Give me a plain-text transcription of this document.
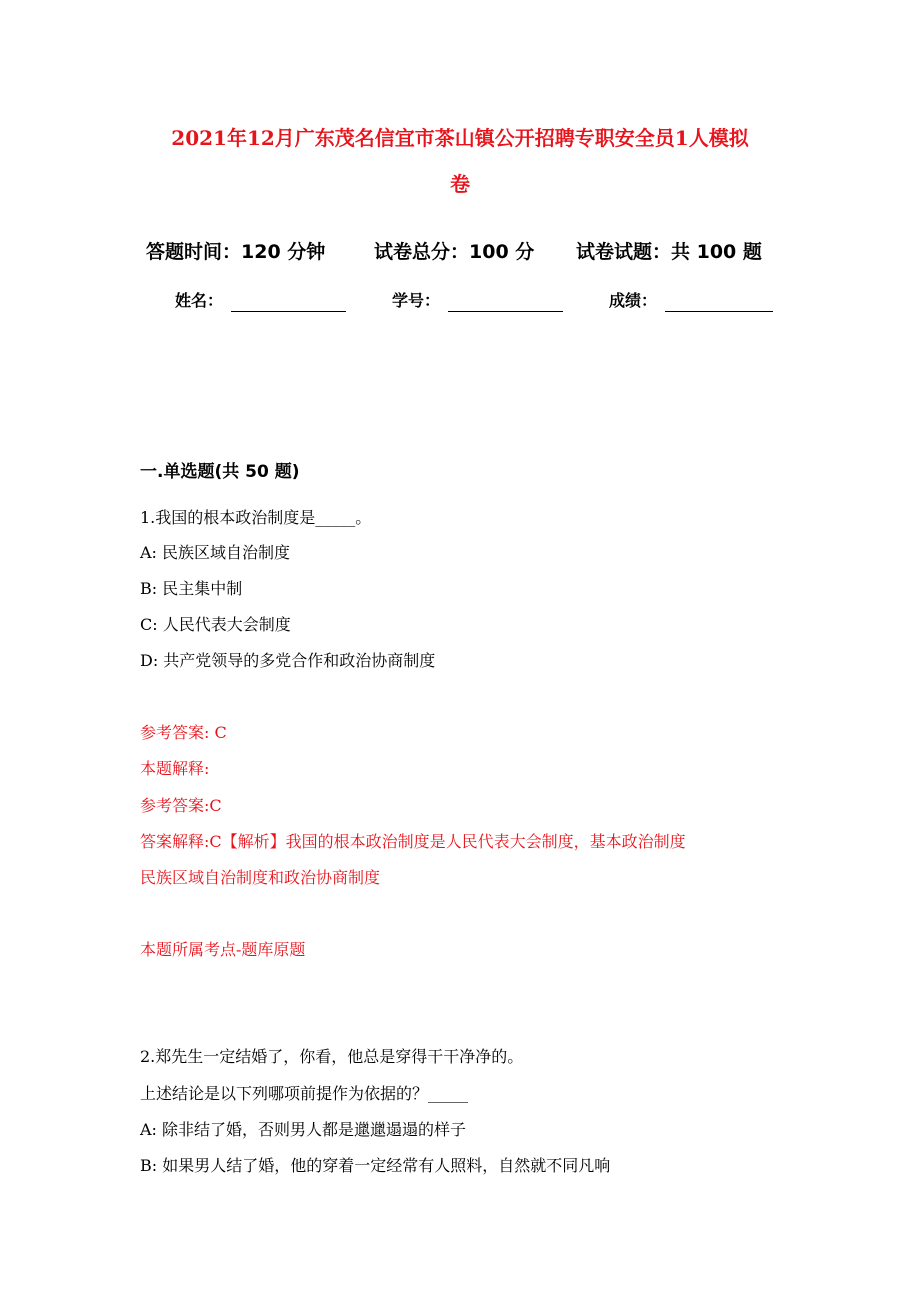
2021年12月广东茂名信宜市茶山镇公开招聘专职安全员1人模拟
卷
答题时间：120 分钟	试卷总分：100 分 试卷试题：共 100 题
姓名：	学号：	成绩：
一.单选题(共 50 题)
1.我国的根本政治制度是_____。
A: 民族区域自治制度
B: 民主集中制
C: 人民代表大会制度
D: 共产党领导的多党合作和政治协商制度
参考答案: C
本题解释:
参考答案:C
答案解释:C【解析】我国的根本政治制度是人民代表大会制度，基本政治制度
民族区域自治制度和政治协商制度
本题所属考点-题库原题
2.郑先生一定结婚了，你看，他总是穿得干干净净的。
上述结论是以下列哪项前提作为依据的？_____
A: 除非结了婚，否则男人都是邋邋遢遢的样子
B: 如果男人结了婚，他的穿着一定经常有人照料，自然就不同凡响
